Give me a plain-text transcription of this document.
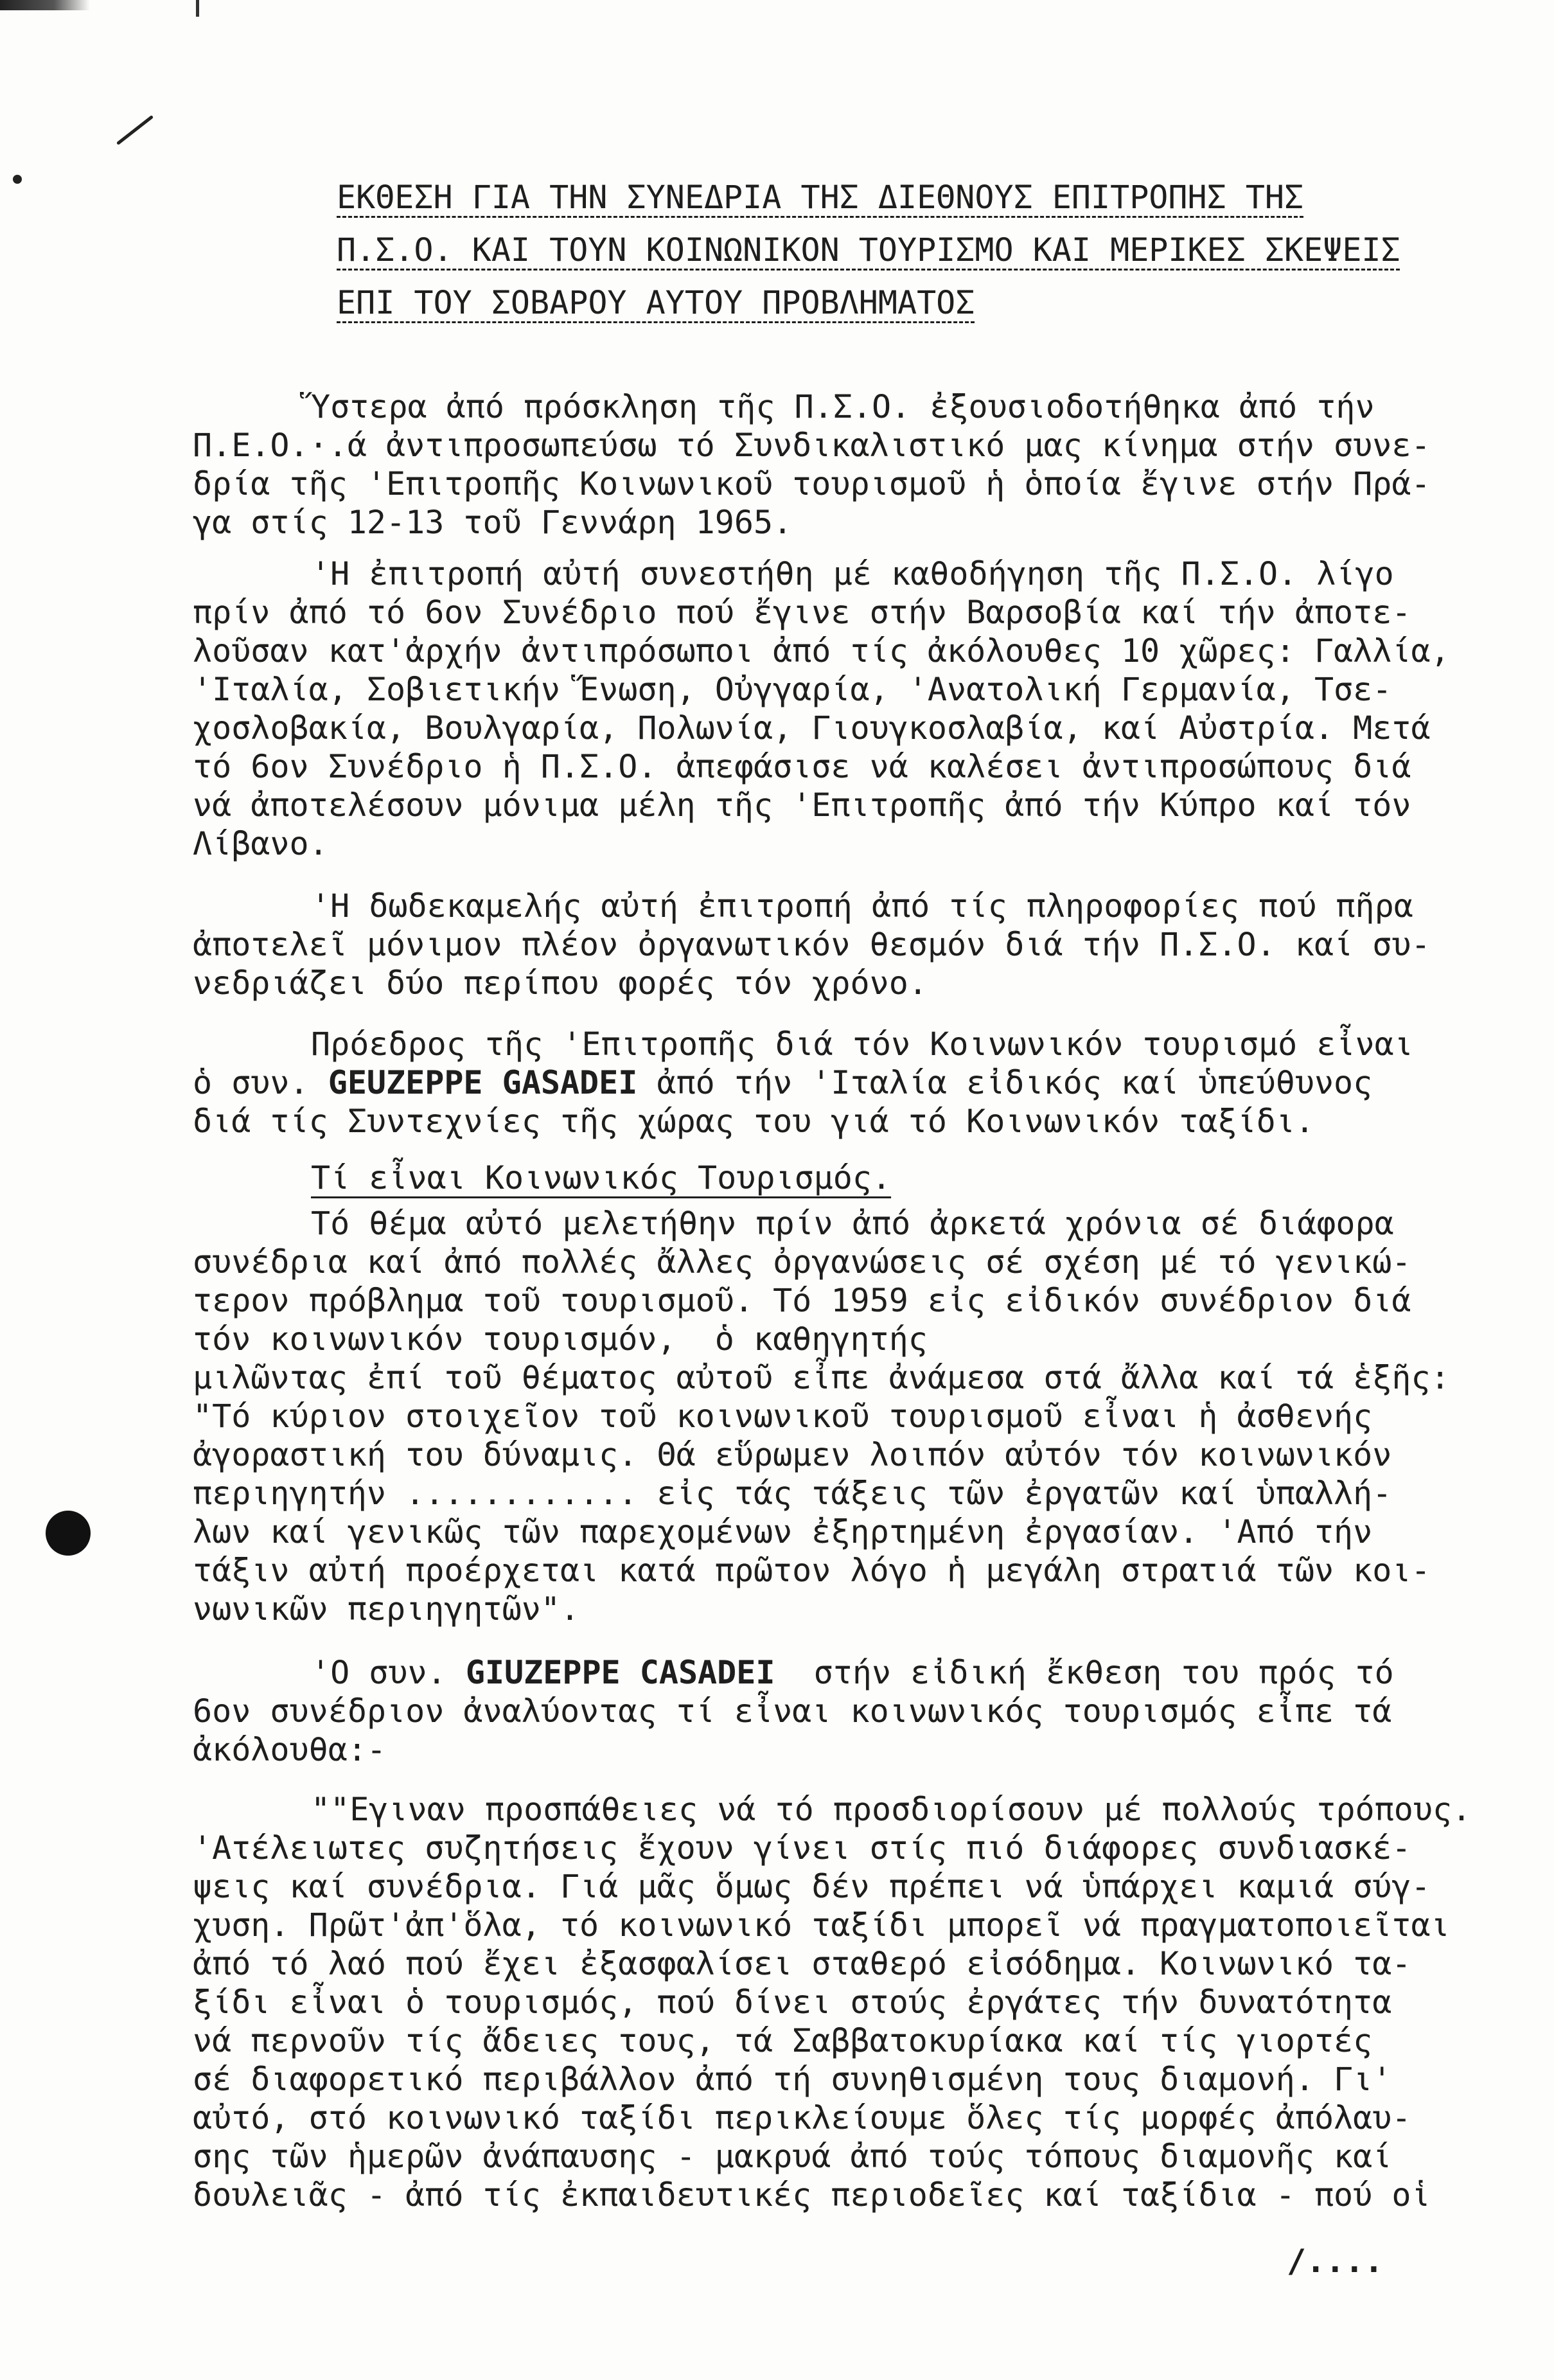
ΕΚΘΕΣΗ ΓΙΑ ΤΗΝ ΣΥΝΕΔΡΙΑ ΤΗΣ ΔΙΕΘΝΟΥΣ ΕΠΙΤΡΟΠΗΣ ΤΗΣ
Π.Σ.Ο. ΚΑΙ ΤΟΥΝ ΚΟΙΝΩΝΙΚΟΝ ΤΟΥΡΙΣΜΟ ΚΑΙ ΜΕΡΙΚΕΣ ΣΚΕΨΕΙΣ
ΕΠΙ ΤΟΥ ΣΟΒΑΡΟΥ ΑΥΤΟΥ ΠΡΟΒΛΗΜΑΤΟΣ
Ὕστερα ἀπό πρόσκληση τῆς Π.Σ.Ο. ἐξουσιοδοτήθηκα ἀπό τήν
Π.Ε.Ο.·.ά ἀντιπροσωπεύσω τό Συνδικαλιστικό μας κίνημα στήν συνε-
δρία τῆς 'Επιτροπῆς Κοινωνικοῦ τουρισμοῦ ἡ ὁποία ἔγινε στήν Πρά-
γα στίς 12-13 τοῦ Γεννάρη 1965.
'Η ἐπιτροπή αὐτή συνεστήθη μέ καθοδήγηση τῆς Π.Σ.Ο. λίγο
πρίν ἀπό τό 6ον Συνέδριο πού ἔγινε στήν Βαρσοβία καί τήν ἀποτε-
λοῦσαν κατ'ἀρχήν ἀντιπρόσωποι ἀπό τίς ἀκόλουθες 10 χῶρες: Γαλλία,
'Ιταλία, Σοβιετικήν Ἕνωση, Οὐγγαρία, 'Ανατολική Γερμανία, Τσε-
χοσλοβακία, Βουλγαρία, Πολωνία, Γιουγκοσλαβία, καί Αὐστρία. Μετά
τό 6ον Συνέδριο ἡ Π.Σ.Ο. ἀπεφάσισε νά καλέσει ἀντιπροσώπους διά
νά ἀποτελέσουν μόνιμα μέλη τῆς 'Επιτροπῆς ἀπό τήν Κύπρο καί τόν
Λίβανο.
'Η δωδεκαμελής αὐτή ἐπιτροπή ἀπό τίς πληροφορίες πού πῆρα
ἀποτελεῖ μόνιμον πλέον ὀργανωτικόν θεσμόν διά τήν Π.Σ.Ο. καί συ-
νεδριάζει δύο περίπου φορές τόν χρόνο.
Πρόεδρος τῆς 'Επιτροπῆς διά τόν Κοινωνικόν τουρισμό εἶναι
ὁ συν. GEUZEPPE GASADEI ἀπό τήν 'Ιταλία εἰδικός καί ὑπεύθυνος
διά τίς Συντεχνίες τῆς χώρας του γιά τό Κοινωνικόν ταξίδι.
Τί εἶναι Κοινωνικός Τουρισμός.
Τό θέμα αὐτό μελετήθην πρίν ἀπό ἀρκετά χρόνια σέ διάφορα
συνέδρια καί ἀπό πολλές ἄλλες ὀργανώσεις σέ σχέση μέ τό γενικώ-
τερον πρόβλημα τοῦ τουρισμοῦ. Τό 1959 εἰς εἰδικόν συνέδριον διά
τόν κοινωνικόν τουρισμόν,  ὁ καθηγητής
μιλῶντας ἐπί τοῦ θέματος αὐτοῦ εἶπε ἀνάμεσα στά ἄλλα καί τά ἑξῆς:
"Τό κύριον στοιχεῖον τοῦ κοινωνικοῦ τουρισμοῦ εἶναι ἡ ἀσθενής
ἀγοραστική του δύναμις. Θά εὕρωμεν λοιπόν αὐτόν τόν κοινωνικόν
περιηγητήν ............ εἰς τάς τάξεις τῶν ἐργατῶν καί ὑπαλλή-
λων καί γενικῶς τῶν παρεχομένων ἐξηρτημένη ἐργασίαν. 'Από τήν
τάξιν αὐτή προέρχεται κατά πρῶτον λόγο ἡ μεγάλη στρατιά τῶν κοι-
νωνικῶν περιηγητῶν".
'Ο συν. GIUZEPPE CASADEI  στήν εἰδική ἔκθεση του πρός τό
6ον συνέδριον ἀναλύοντας τί εἶναι κοινωνικός τουρισμός εἶπε τά
ἀκόλουθα:-
""Εγιναν προσπάθειες νά τό προσδιορίσουν μέ πολλούς τρόπους.
'Ατέλειωτες συζητήσεις ἔχουν γίνει στίς πιό διάφορες συνδιασκέ-
ψεις καί συνέδρια. Γιά μᾶς ὅμως δέν πρέπει νά ὑπάρχει καμιά σύγ-
χυση. Πρῶτ'ἀπ'ὅλα, τό κοινωνικό ταξίδι μπορεῖ νά πραγματοποιεῖται
ἀπό τό λαό πού ἔχει ἐξασφαλίσει σταθερό εἰσόδημα. Κοινωνικό τα-
ξίδι εἶναι ὁ τουρισμός, πού δίνει στούς ἐργάτες τήν δυνατότητα
νά περνοῦν τίς ἄδειες τους, τά Σαββατοκυρίακα καί τίς γιορτές
σέ διαφορετικό περιβάλλον ἀπό τή συνηθισμένη τους διαμονή. Γι'
αὐτό, στό κοινωνικό ταξίδι περικλείουμε ὅλες τίς μορφές ἀπόλαυ-
σης τῶν ἡμερῶν ἀνάπαυσης - μακρυά ἀπό τούς τόπους διαμονῆς καί
δουλειᾶς - ἀπό τίς ἐκπαιδευτικές περιοδεῖες καί ταξίδια - πού οἱ
/....
